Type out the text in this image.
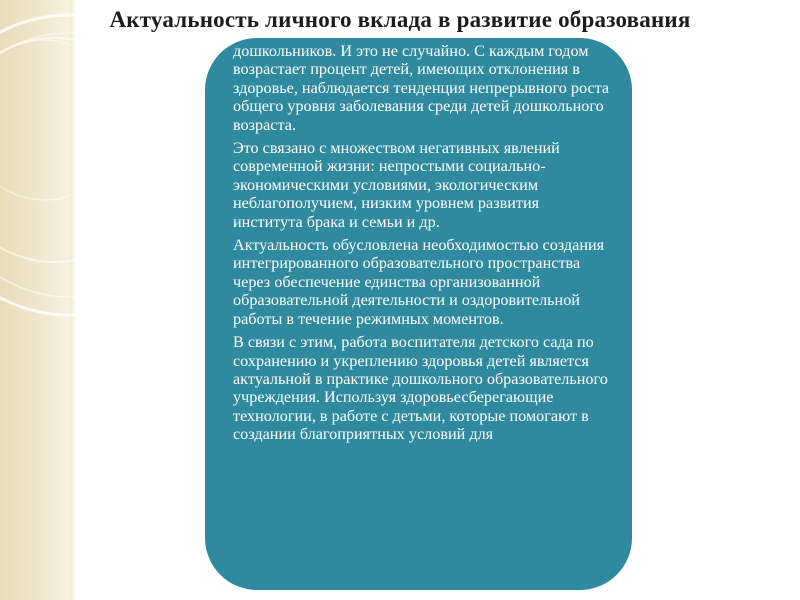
дошкольников. И это не случайно. С каждым годом возрастает процент детей, имеющих отклонения в здоровье, наблюдается тенденция непрерывного роста общего уровня заболевания среди детей дошкольного возраста.

Это связано с множеством негативных явлений современной жизни: непростыми социально-экономическими условиями, экологическим неблагополучием, низким уровнем развития института брака и семьи и др.

Актуальность обусловлена необходимостью создания интегрированного образовательного пространства через обеспечение единства организованной образовательной деятельности и оздоровительной работы в течение режимных моментов.

В связи с этим, работа воспитателя детского сада по сохранению и укреплению здоровья детей является актуальной в практике дошкольного образовательного учреждения. Используя здоровьесберегающие технологии, в работе с детьми, которые помогают в создании благоприятных условий для

Актуальность личного вклада в развитие образования
